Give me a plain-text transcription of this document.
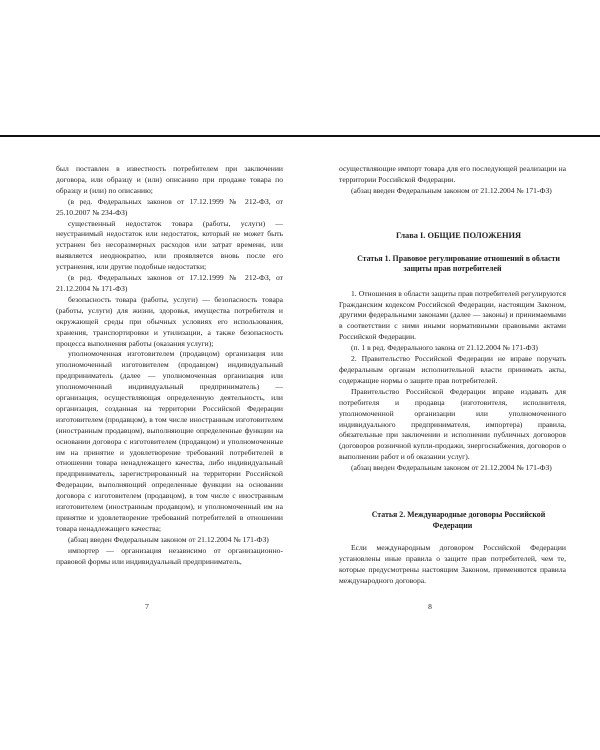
был поставлен в известность потребителем при заключении договора, или образцу и (или) описанию при продаже товара по образцу и (или) по описанию;

(в ред. Федеральных законов от 17.12.1999 № 212-ФЗ, от 25.10.2007 № 234-ФЗ)

существенный недостаток товара (работы, услуги) — неустранимый недостаток или недостаток, который не может быть устранен без несоразмерных расходов или затрат времени, или выявляется неоднократно, или проявляется вновь после его устранения, или другие подобные недостатки;

(в ред. Федеральных законов от 17.12.1999 № 212-ФЗ, от 21.12.2004 № 171-ФЗ)

безопасность товара (работы, услуги) — безопасность товара (работы, услуги) для жизни, здоровья, имущества потребителя и окружающей среды при обычных условиях его использования, хранения, транспортировки и утилизации, а также безопасность процесса выполнения работы (оказания услуги);

уполномоченная изготовителем (продавцом) организация или уполномоченный изготовителем (продавцом) индивидуальный предприниматель (далее — уполномоченная организация или уполномоченный индивидуальный предприниматель) — организация, осуществляющая определенную деятельность, или организация, созданная на территории Российской Федерации изготовителем (продавцом), в том числе иностранным изготовителем (иностранным продавцом), выполняющие определенные функции на основании договора с изготовителем (продавцом) и уполномоченные им на принятие и удовлетворение требований потребителей в отношении товара ненадлежащего качества, либо индивидуальный предприниматель, зарегистрированный на территории Российской Федерации, выполняющий определенные функции на основании договора с изготовителем (продавцом), в том числе с иностранным изготовителем (иностранным продавцом), и уполномоченный им на принятие и удовлетворение требований потребителей в отношении товара ненадлежащего качества;

(абзац введен Федеральным законом от 21.12.2004 № 171-ФЗ)

импортер — организация независимо от организационно-правовой формы или индивидуальный предприниматель,

осуществляющие импорт товара для его последующей реализации на территории Российской Федерации.

(абзац введен Федеральным законом от 21.12.2004 № 171-ФЗ)

Глава I. ОБЩИЕ ПОЛОЖЕНИЯ

Статья 1. Правовое регулирование отношений в области защиты прав потребителей

1. Отношения в области защиты прав потребителей регулируются Гражданским кодексом Российской Федерации, настоящим Законом, другими федеральными законами (далее — законы) и принимаемыми в соответствии с ними иными нормативными правовыми актами Российской Федерации.

(п. 1 в ред. Федерального закона от 21.12.2004 № 171-ФЗ)

2. Правительство Российской Федерации не вправе поручать федеральным органам исполнительной власти принимать акты, содержащие нормы о защите прав потребителей.

Правительство Российской Федерации вправе издавать для потребителя и продавца (изготовителя, исполнителя, уполномоченной организации или уполномоченного индивидуального предпринимателя, импортера) правила, обязательные при заключении и исполнении публичных договоров (договоров розничной купли-продажи, энергоснабжения, договоров о выполнении работ и об оказании услуг).

(абзац введен Федеральным законом от 21.12.2004 № 171-ФЗ)

Статья 2. Международные договоры Российской Федерации

Если международным договором Российской Федерации установлены иные правила о защите прав потребителей, чем те, которые предусмотрены настоящим Законом, применяются правила международного договора.

7	8
